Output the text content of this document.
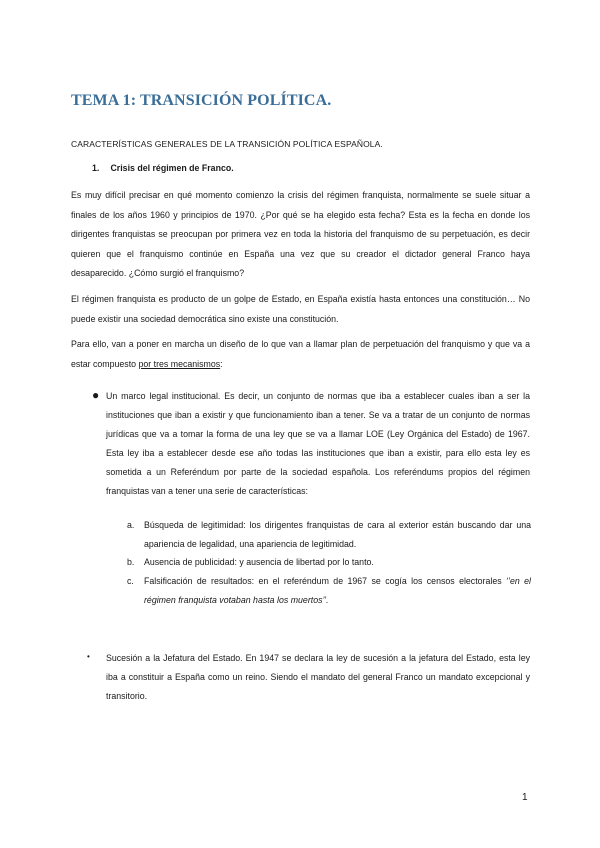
TEMA 1: TRANSICIÓN POLÍTICA.
CARACTERÍSTICAS GENERALES DE LA TRANSICIÓN POLÍTICA ESPAÑOLA.
1. Crisis del régimen de Franco.

Es muy difícil precisar en qué momento comienzo la crisis del régimen franquista, normalmente se suele situar a finales de los años 1960 y principios de 1970. ¿Por qué se ha elegido esta fecha? Esta es la fecha en donde los dirigentes franquistas se preocupan por primera vez en toda la historia del franquismo de su perpetuación, es decir quieren que el franquismo continúe en España una vez que su creador el dictador general Franco haya desaparecido. ¿Cómo surgió el franquismo?

El régimen franquista es producto de un golpe de Estado, en España existía hasta entonces una constitución… No puede existir una sociedad democrática sino existe una constitución.

Para ello, van a poner en marcha un diseño de lo que van a llamar plan de perpetuación del franquismo y que va a estar compuesto por tres mecanismos:

● Un marco legal institucional. Es decir, un conjunto de normas que iba a establecer cuales iban a ser la instituciones que iban a existir y que funcionamiento iban a tener. Se va a tratar de un conjunto de normas jurídicas que va a tomar la forma de una ley que se va a llamar LOE (Ley Orgánica del Estado) de 1967. Esta ley iba a establecer desde ese año todas las instituciones que iban a existir, para ello esta ley es sometida a un Referéndum por parte de la sociedad española. Los referéndums propios del régimen franquistas van a tener una serie de características:

a. Búsqueda de legitimidad: los dirigentes franquistas de cara al exterior están buscando dar una apariencia de legalidad, una apariencia de legitimidad.
b. Ausencia de publicidad: y ausencia de libertad por lo tanto.
c. Falsificación de resultados: en el referéndum de 1967 se cogía los censos electorales ‘’en el régimen franquista votaban hasta los muertos’’.
• Sucesión a la Jefatura del Estado. En 1947 se declara la ley de sucesión a la jefatura del Estado, esta ley iba a constituir a España como un reino. Siendo el mandato del general Franco un mandato excepcional y transitorio.

1
